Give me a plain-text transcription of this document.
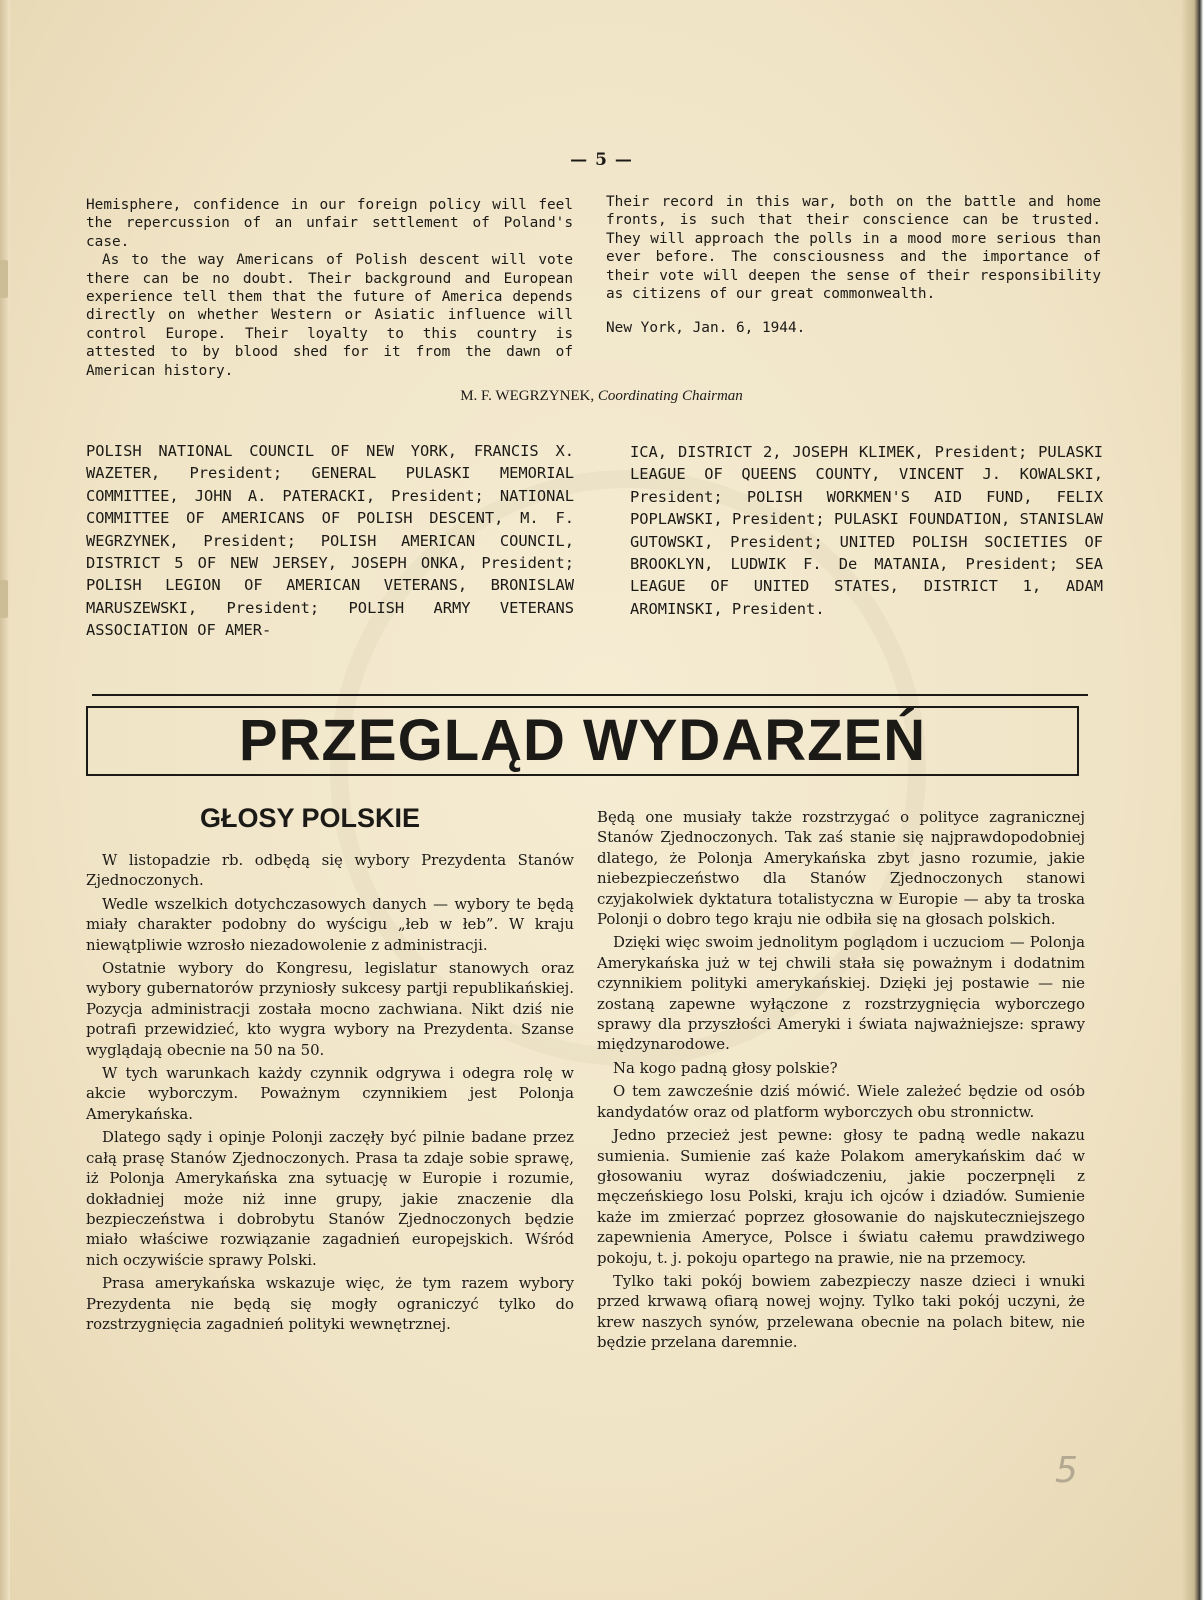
— 5 —

Hemisphere, confidence in our foreign policy will feel the repercussion of an unfair settlement of Poland's case.

As to the way Americans of Polish descent will vote there can be no doubt. Their background and European experience tell them that the future of America depends directly on whether Western or Asiatic influence will control Europe. Their loyalty to this country is attested to by blood shed for it from the dawn of American history.

Their record in this war, both on the battle and home fronts, is such that their conscience can be trusted. They will approach the polls in a mood more serious than ever before. The consciousness and the importance of their vote will deepen the sense of their responsibility as citizens of our great commonwealth.

New York, Jan. 6, 1944.

M. F. WEGRZYNEK, Coordinating Chairman
POLISH NATIONAL COUNCIL OF NEW YORK, FRANCIS X. WAZETER, President; GENERAL PULASKI MEMORIAL COMMITTEE, JOHN A. PATERACKI, President; NATIONAL COMMITTEE OF AMERICANS OF POLISH DESCENT, M. F. WEGRZYNEK, President; POLISH AMERICAN COUNCIL, DISTRICT 5 OF NEW JERSEY, JOSEPH ONKA, President; POLISH LEGION OF AMERICAN VETERANS, BRONISLAW MARUSZEWSKI, President; POLISH ARMY VETERANS ASSOCIATION OF AMER-
ICA, DISTRICT 2, JOSEPH KLIMEK, President; PULASKI LEAGUE OF QUEENS COUNTY, VINCENT J. KOWALSKI, President; POLISH WORKMEN'S AID FUND, FELIX POPLAWSKI, President; PULASKI FOUNDATION, STANISLAW GUTOWSKI, President; UNITED POLISH SOCIETIES OF BROOKLYN, LUDWIK F. De MATANIA, President; SEA LEAGUE OF UNITED STATES, DISTRICT 1, ADAM AROMINSKI, President.
PRZEGLĄD WYDARZEŃ
GŁOSY POLSKIE

W listopadzie rb. odbędą się wybory Prezydenta Stanów Zjednoczonych.

Wedle wszelkich dotychczasowych danych — wybory te będą miały charakter podobny do wyścigu „łeb w łeb”. W kraju niewątpliwie wzrosło niezadowolenie z administracji.

Ostatnie wybory do Kongresu, legislatur stanowych oraz wybory gubernatorów przyniosły sukcesy partji republikańskiej. Pozycja administracji została mocno zachwiana. Nikt dziś nie potrafi przewidzieć, kto wygra wybory na Prezydenta. Szanse wyglądają obecnie na 50 na 50.

W tych warunkach każdy czynnik odgrywa i odegra rolę w akcie wyborczym. Poważnym czynnikiem jest Polonja Amerykańska.

Dlatego sądy i opinje Polonji zaczęły być pilnie badane przez całą prasę Stanów Zjednoczonych. Prasa ta zdaje sobie sprawę, iż Polonja Amerykańska zna sytuację w Europie i rozumie, dokładniej może niż inne grupy, jakie znaczenie dla bezpieczeństwa i dobrobytu Stanów Zjednoczonych będzie miało właściwe rozwiązanie zagadnień europejskich. Wśród nich oczywiście sprawy Polski.

Prasa amerykańska wskazuje więc, że tym razem wybory Prezydenta nie będą się mogły ograniczyć tylko do rozstrzygnięcia zagadnień polityki wewnętrznej.

Będą one musiały także rozstrzygać o polityce zagranicznej Stanów Zjednoczonych. Tak zaś stanie się najprawdopodobniej dlatego, że Polonja Amerykańska zbyt jasno rozumie, jakie niebezpieczeństwo dla Stanów Zjednoczonych stanowi czyjakolwiek dyktatura totalistyczna w Europie — aby ta troska Polonji o dobro tego kraju nie odbiła się na głosach polskich.

Dzięki więc swoim jednolitym poglądom i uczuciom — Polonja Amerykańska już w tej chwili stała się poważnym i dodatnim czynnikiem polityki amerykańskiej. Dzięki jej postawie — nie zostaną zapewne wyłączone z rozstrzygnięcia wyborczego sprawy dla przyszłości Ameryki i świata najważniejsze: sprawy międzynarodowe.

Na kogo padną głosy polskie?

O tem zawcześnie dziś mówić. Wiele zależeć będzie od osób kandydatów oraz od platform wyborczych obu stronnictw.

Jedno przecież jest pewne: głosy te padną wedle nakazu sumienia. Sumienie zaś każe Polakom amerykańskim dać w głosowaniu wyraz doświadczeniu, jakie poczerpnęli z męczeńskiego losu Polski, kraju ich ojców i dziadów. Sumienie każe im zmierzać poprzez głosowanie do najskuteczniejszego zapewnienia Ameryce, Polsce i światu całemu prawdziwego pokoju, t. j. pokoju opartego na prawie, nie na przemocy.

Tylko taki pokój bowiem zabezpieczy nasze dzieci i wnuki przed krwawą ofiarą nowej wojny. Tylko taki pokój uczyni, że krew naszych synów, przelewana obecnie na polach bitew, nie będzie przelana daremnie.

5
